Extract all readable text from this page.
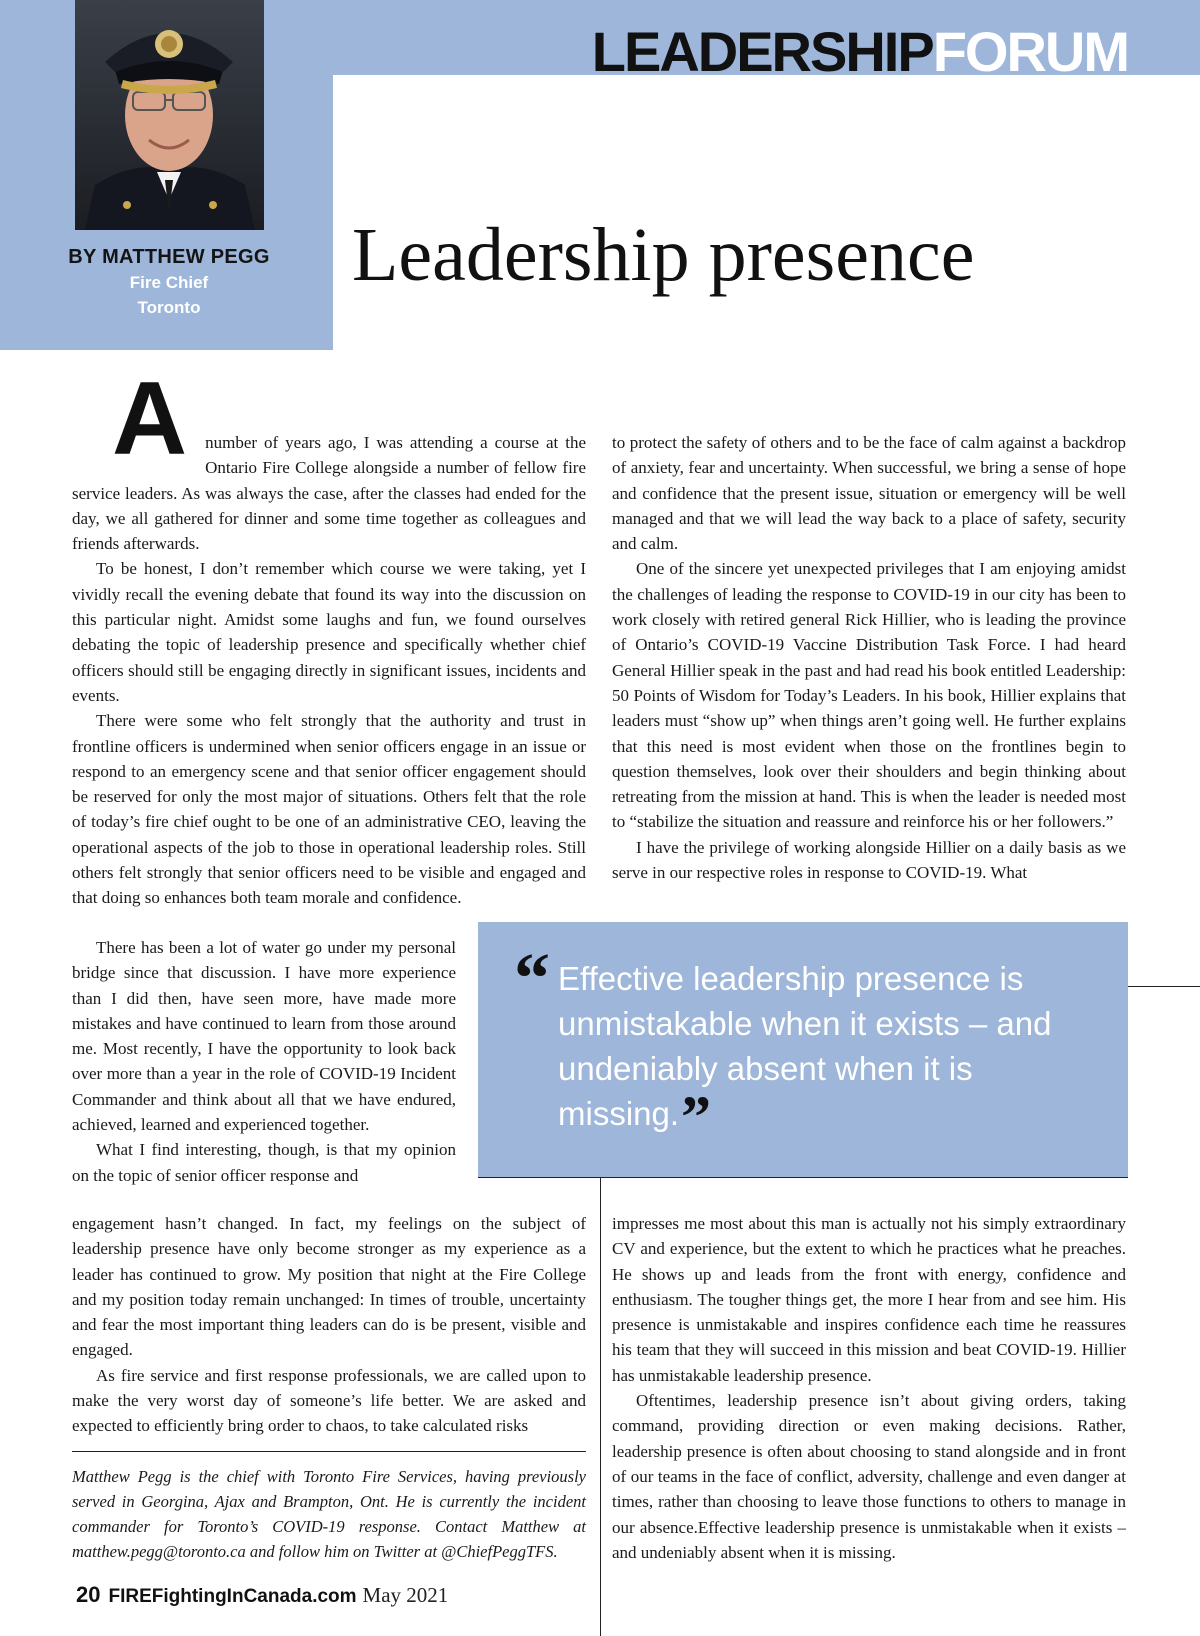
LEADERSHIPFORUM
BY MATTHEW PEGG
Fire Chief
Toronto
Leadership presence

A number of years ago, I was attending a course at the Ontario Fire College alongside a number of fellow fire service leaders. As was always the case, after the classes had ended for the day, we all gathered for dinner and some time together as colleagues and friends afterwards.

To be honest, I don’t remember which course we were taking, yet I vividly recall the evening debate that found its way into the discussion on this particular night. Amidst some laughs and fun, we found ourselves debating the topic of leadership presence and specifically whether chief officers should still be engaging directly in significant issues, incidents and events.

There were some who felt strongly that the authority and trust in frontline officers is undermined when senior officers engage in an issue or respond to an emergency scene and that senior officer engagement should be reserved for only the most major of situations. Others felt that the role of today’s fire chief ought to be one of an administrative CEO, leaving the operational aspects of the job to those in operational leadership roles. Still others felt strongly that senior officers need to be visible and engaged and that doing so enhances both team morale and confidence.

There has been a lot of water go under my personal bridge since that discussion. I have more experience than I did then, have seen more, have made more mistakes and have continued to learn from those around me. Most recently, I have the opportunity to look back over more than a year in the role of COVID-19 Incident Commander and think about all that we have endured, achieved, learned and experienced together.

What I find interesting, though, is that my opinion on the topic of senior officer response and

engagement hasn’t changed. In fact, my feelings on the subject of leadership presence have only become stronger as my experience as a leader has continued to grow. My position that night at the Fire College and my position today remain unchanged: In times of trouble, uncertainty and fear the most important thing leaders can do is be present, visible and engaged.

As fire service and first response professionals, we are called upon to make the very worst day of someone’s life better. We are asked and expected to efficiently bring order to chaos, to take calculated risks

to protect the safety of others and to be the face of calm against a backdrop of anxiety, fear and uncertainty. When successful, we bring a sense of hope and confidence that the present issue, situation or emergency will be well managed and that we will lead the way back to a place of safety, security and calm.

One of the sincere yet unexpected privileges that I am enjoying amidst the challenges of leading the response to COVID-19 in our city has been to work closely with retired general Rick Hillier, who is leading the province of Ontario’s COVID-19 Vaccine Distribution Task Force. I had heard General Hillier speak in the past and had read his book entitled Leadership: 50 Points of Wisdom for Today’s Leaders. In his book, Hillier explains that leaders must “show up” when things aren’t going well. He further explains that this need is most evident when those on the frontlines begin to question themselves, look over their shoulders and begin thinking about retreating from the mission at hand. This is when the leader is needed most to “stabilize the situation and reassure and reinforce his or her followers.”

I have the privilege of working alongside Hillier on a daily basis as we serve in our respective roles in response to COVID-19. What

impresses me most about this man is actually not his simply extraordinary CV and experience, but the extent to which he practices what he preaches. He shows up and leads from the front with energy, confidence and enthusiasm. The tougher things get, the more I hear from and see him. His presence is unmistakable and inspires confidence each time he reassures his team that they will succeed in this mission and beat COVID-19. Hillier has unmistakable leadership presence.

Oftentimes, leadership presence isn’t about giving orders, taking command, providing direction or even making decisions. Rather, leadership presence is often about choosing to stand alongside and in front of our teams in the face of conflict, adversity, challenge and even danger at times, rather than choosing to leave those functions to others to manage in our absence.Effective leadership presence is unmistakable when it exists – and undeniably absent when it is missing.

“ Effective leadership presence is unmistakable when it exists – and undeniably absent when it is missing.”
Matthew Pegg is the chief with Toronto Fire Services, having previously served in Georgina, Ajax and Brampton, Ont. He is currently the incident commander for Toronto’s COVID-19 response. Contact Matthew at matthew.pegg@toronto.ca and follow him on Twitter at @ChiefPeggTFS.
20 FIREFightingInCanada.com May 2021
